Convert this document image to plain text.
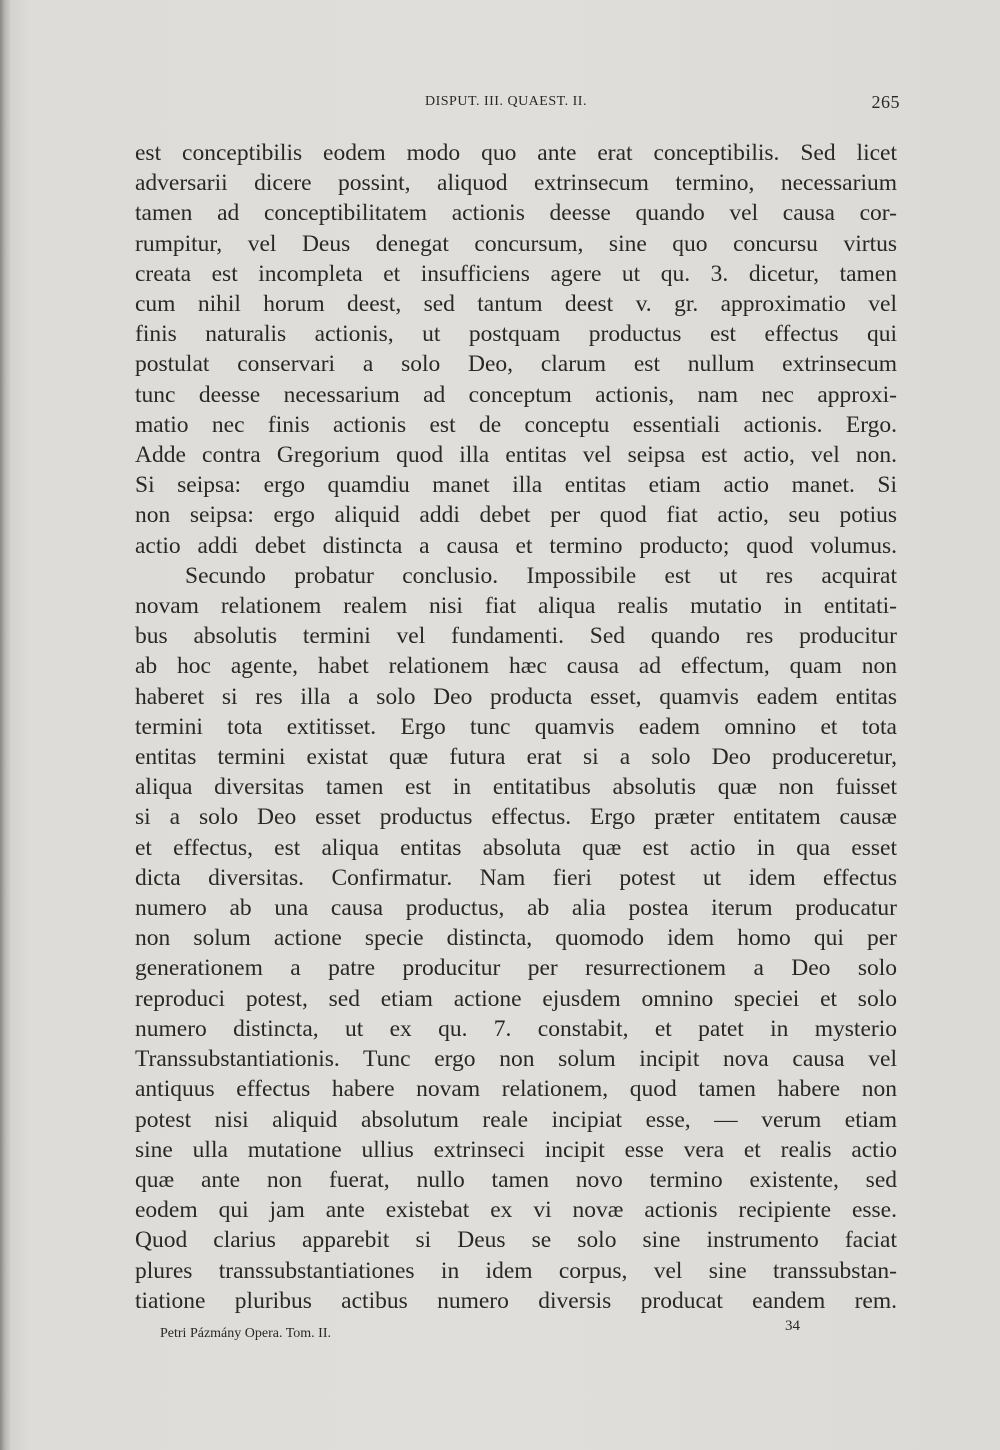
DISPUT. III. QUAEST. II.	265
est conceptibilis eodem modo quo ante erat conceptibilis. Sed licet
adversarii dicere possint, aliquod extrinsecum termino, necessarium
tamen ad conceptibilitatem actionis deesse quando vel causa cor-
rumpitur, vel Deus denegat concursum, sine quo concursu virtus
creata est incompleta et insufficiens agere ut qu. 3. dicetur, tamen
cum nihil horum deest, sed tantum deest v. gr. approximatio vel
finis naturalis actionis, ut postquam productus est effectus qui
postulat conservari a solo Deo, clarum est nullum extrinsecum
tunc deesse necessarium ad conceptum actionis, nam nec approxi-
matio nec finis actionis est de conceptu essentiali actionis. Ergo.
Adde contra Gregorium quod illa entitas vel seipsa est actio, vel non.
Si seipsa: ergo quamdiu manet illa entitas etiam actio manet. Si
non seipsa: ergo aliquid addi debet per quod fiat actio, seu potius
actio addi debet distincta a causa et termino producto; quod volumus.
Secundo probatur conclusio. Impossibile est ut res acquirat
novam relationem realem nisi fiat aliqua realis mutatio in entitati-
bus absolutis termini vel fundamenti. Sed quando res producitur
ab hoc agente, habet relationem hæc causa ad effectum, quam non
haberet si res illa a solo Deo producta esset, quamvis eadem entitas
termini tota extitisset. Ergo tunc quamvis eadem omnino et tota
entitas termini existat quæ futura erat si a solo Deo produceretur,
aliqua diversitas tamen est in entitatibus absolutis quæ non fuisset
si a solo Deo esset productus effectus. Ergo præter entitatem causæ
et effectus, est aliqua entitas absoluta quæ est actio in qua esset
dicta diversitas. Confirmatur. Nam fieri potest ut idem effectus
numero ab una causa productus, ab alia postea iterum producatur
non solum actione specie distincta, quomodo idem homo qui per
generationem a patre producitur per resurrectionem a Deo solo
reproduci potest, sed etiam actione ejusdem omnino speciei et solo
numero distincta, ut ex qu. 7. constabit, et patet in mysterio
Transsubstantiationis. Tunc ergo non solum incipit nova causa vel
antiquus effectus habere novam relationem, quod tamen habere non
potest nisi aliquid absolutum reale incipiat esse, — verum etiam
sine ulla mutatione ullius extrinseci incipit esse vera et realis actio
quæ ante non fuerat, nullo tamen novo termino existente, sed
eodem qui jam ante existebat ex vi novæ actionis recipiente esse.
Quod clarius apparebit si Deus se solo sine instrumento faciat
plures transsubstantiationes in idem corpus, vel sine transsubstan-
tiatione pluribus actibus numero diversis producat eandem rem.
Petri Pázmány Opera. Tom. II.	34
